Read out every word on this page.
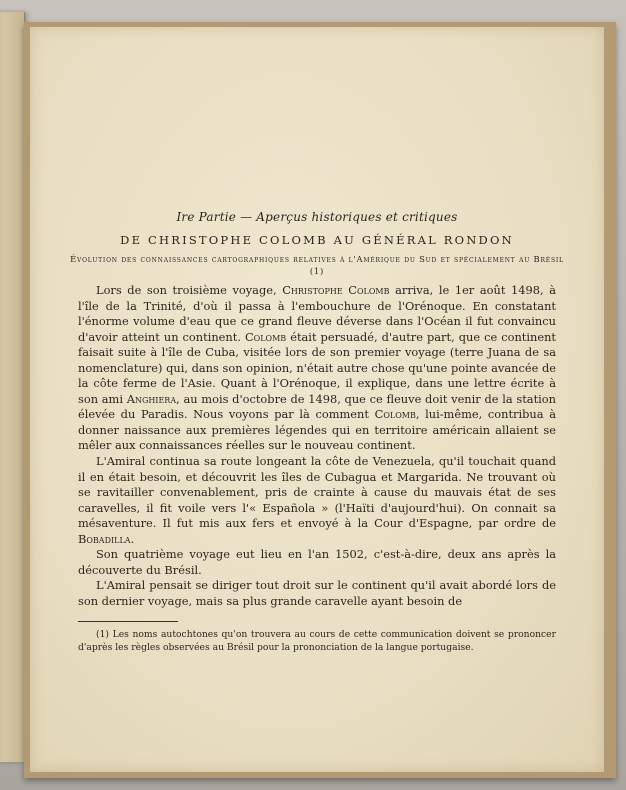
Ire Partie — Aperçus historiques et critiques

DE CHRISTOPHE COLOMB AU GÉNÉRAL RONDON

Évolution des connaissances cartographiques relatives à l'Amérique du Sud et spécialement au Brésil (1)

Lors de son troisième voyage, Christophe Colomb arriva, le 1er août 1498, à l'île de la Trinité, d'où il passa à l'embouchure de l'Orénoque. En constatant l'énorme volume d'eau que ce grand fleuve déverse dans l'Océan il fut convaincu d'avoir atteint un continent. Colomb était persuadé, d'autre part, que ce continent faisait suite à l'île de Cuba, visitée lors de son premier voyage (terre Juana de sa nomenclature) qui, dans son opinion, n'était autre chose qu'une pointe avancée de la côte ferme de l'Asie. Quant à l'Orénoque, il explique, dans une lettre écrite à son ami Anghiera, au mois d'octobre de 1498, que ce fleuve doit venir de la station élevée du Paradis. Nous voyons par là comment Colomb, lui-même, contribua à donner naissance aux premières légendes qui en territoire américain allaient se mêler aux connaissances réelles sur le nouveau continent.

L'Amiral continua sa route longeant la côte de Venezuela, qu'il touchait quand il en était besoin, et découvrit les îles de Cubagua et Margarida. Ne trouvant où se ravitailler convenablement, pris de crainte à cause du mauvais état de ses caravelles, il fit voile vers l'« Española » (l'Haïti d'aujourd'hui). On connait sa mésaventure. Il fut mis aux fers et envoyé à la Cour d'Espagne, par ordre de Bobadilla.

Son quatrième voyage eut lieu en l'an 1502, c'est-à-dire, deux ans après la découverte du Brésil.

L'Amiral pensait se diriger tout droit sur le continent qu'il avait abordé lors de son dernier voyage, mais sa plus grande caravelle ayant besoin de

(1) Les noms autochtones qu'on trouvera au cours de cette communication doivent se prononcer d'après les règles observées au Brésil pour la prononciation de la langue portugaise.
